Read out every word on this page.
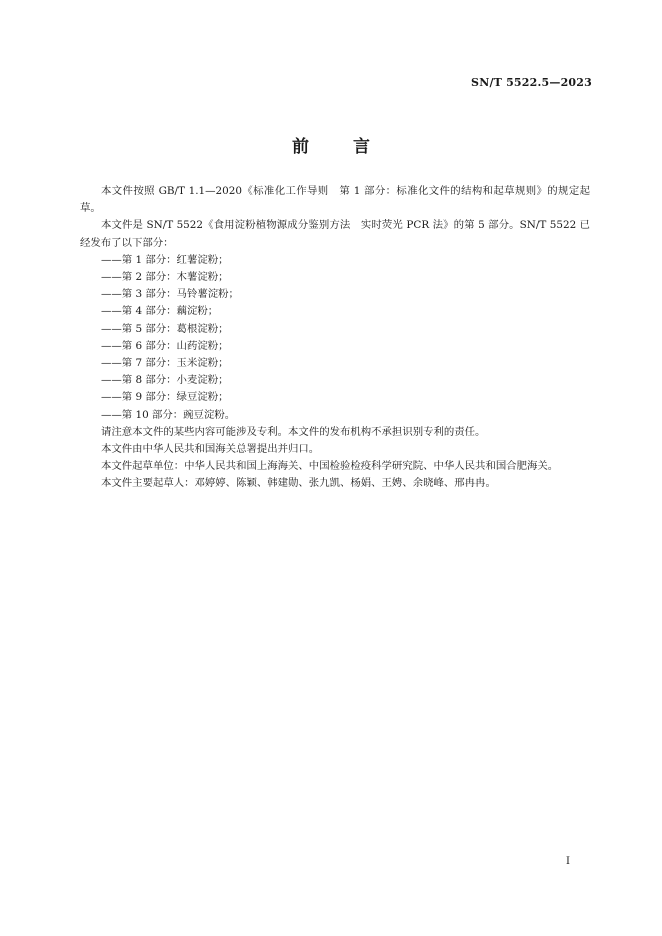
SN/T 5522.5—2023
前	言

本文件按照 GB/T 1.1—2020《标准化工作导则　第 1 部分：标准化文件的结构和起草规则》的规定起草。

本文件是 SN/T 5522《食用淀粉植物源成分鉴别方法　实时荧光 PCR 法》的第 5 部分。SN/T 5522 已经发布了以下部分：

——第 1 部分：红薯淀粉；

——第 2 部分：木薯淀粉；

——第 3 部分：马铃薯淀粉；

——第 4 部分：藕淀粉；

——第 5 部分：葛根淀粉；

——第 6 部分：山药淀粉；

——第 7 部分：玉米淀粉；

——第 8 部分：小麦淀粉；

——第 9 部分：绿豆淀粉；

——第 10 部分：豌豆淀粉。

请注意本文件的某些内容可能涉及专利。本文件的发布机构不承担识别专利的责任。

本文件由中华人民共和国海关总署提出并归口。

本文件起草单位：中华人民共和国上海海关、中国检验检疫科学研究院、中华人民共和国合肥海关。

本文件主要起草人：邓婷婷、陈颖、韩建勋、张九凯、杨娟、王娉、余晓峰、邢冉冉。

I
